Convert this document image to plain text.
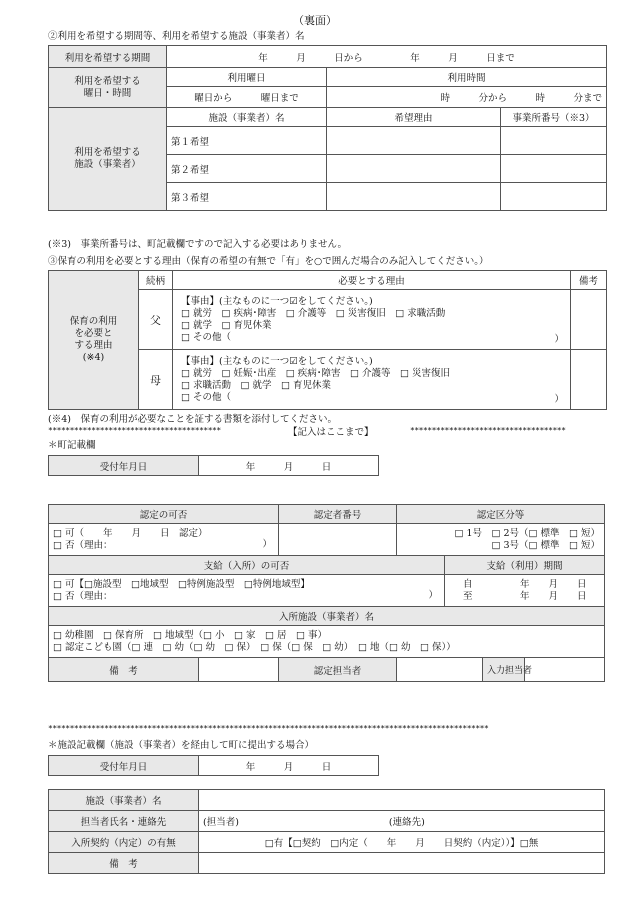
（裏面）
②利用を希望する期間等、利用を希望する施設（事業者）名
利用を希望する期間	年　　　月　　　日から　　　　　年　　　月　　　日まで		
利用を希望する
曜日・時間	利用曜日	利用時間	
	曜日から　　　曜日まで	時　　　分から　　　時　　　分まで	
利用を希望する
施設（事業者）	施設（事業者）名	希望理由	事業所番号（※3）
	第１希望		
	第２希望		
	第３希望		
(※3)　事業所番号は、町記載欄ですので記入する必要はありません。
③保育の利用を必要とする理由（保育の希望の有無で「有」を○で囲んだ場合のみ記入してください。）
保育の利用
を必要と
する理由
(※4)	続柄	必要とする理由	備考
	父	【事由】(主なものに一つ☑をしてください。)
□ 就労　□ 疾病･障害　□ 介護等　□ 災害復旧　□ 求職活動
□ 就学　□ 育児休業
□ その他（ ）	

	母	【事由】(主なものに一つ☑をしてください。)
□ 就労　□ 妊娠･出産　□ 疾病･障害　□ 介護等　□ 災害復旧
□ 求職活動　□ 就学　□ 育児休業
□ その他（ ）	

(※4)　保育の利用が必要なことを証する書類を添付してください。
****************************************	【記入はここまで】	************************************
＊町記載欄
受付年月日	年　　　月　　　日
認定の可否		認定者番号	認定区分等			
□ 可（　　年　　月　　日　認定）
□ 否（理由： ）			□ 1号　□ 2号（□ 標準　□ 短）
　　　　□ 3号（□ 標準　□ 短）			
支給（入所）の可否				支給（利用）期間		
□ 可【□施設型　□地域型　□特例施設型　□特例地域型】
□ 否（理由： ）				自　　　　　年　　月　　日
至　　　　　年　　月　　日		
入所施設（事業者）名						
□ 幼稚園　□ 保育所　□ 地域型（□ 小　□ 家　□ 居　□ 事）
□ 認定こども園（□ 連　□ 幼（□ 幼　□ 保）　□ 保（□ 保　□ 幼）　□ 地（□ 幼　□ 保））						
備　考		認定担当者			入力担当者	
******************************************************************************************************
＊施設記載欄（施設（事業者）を経由して町に提出する場合）
受付年月日	年　　　月　　　日
施設（事業者）名	
担当者氏名・連絡先	(担当者) (連絡先)
入所契約（内定）の有無	□有【□契約　□内定（　　年　　月　　日契約（内定））】□無
備　考	
